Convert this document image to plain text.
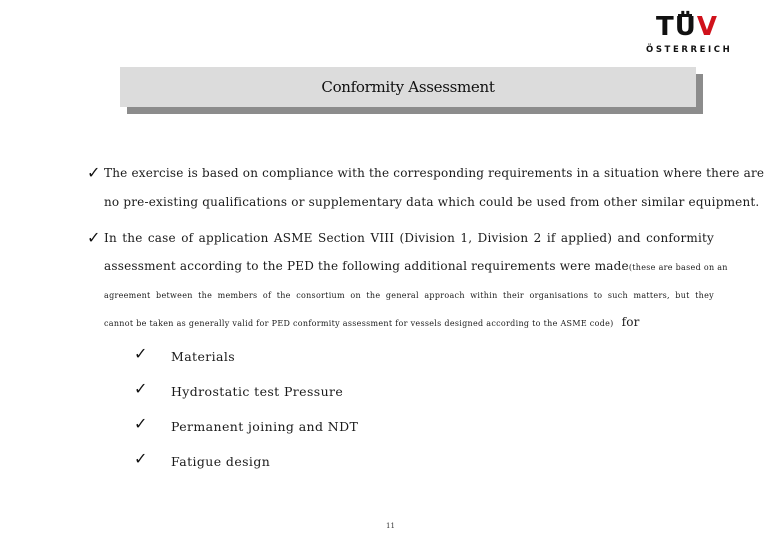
TÜV
ÖSTERREICH
Conformity Assessment
✓ The exercise is based on compliance with the corresponding requirements in a situation where there are
no pre-existing qualifications or supplementary data which could be used from other similar equipment.
✓ In the case of application ASME Section VIII (Division 1, Division 2 if applied) and conformity
assessment according to the PED the following additional requirements were made (these are based on an
agreement between the members of the consortium on the general approach within their organisations to such matters, but they
cannot be taken as generally valid for PED conformity assessment for vessels designed according to the ASME code) for
✓ Materials
✓ Hydrostatic test Pressure
✓ Permanent joining and NDT
✓ Fatigue design
11
